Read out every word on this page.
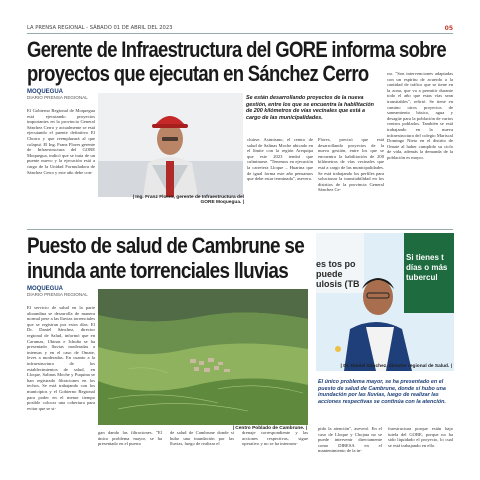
LA PRENSA REGIONAL - SÁBADO 01 DE ABRIL DEL 2023	05
Gerente de Infraestructura del GORE informa sobre
proyectos que ejecutan en Sánchez Cerro
MOQUEGUA
DIARIO PRENSA REGIONAL
El Gobierno Regional de Moquegua está ejecutando proyectos importantes en la provincia General Sánchez Cerro y actualmente se está ejecutando el puente definitivo El Chorro y que reemplazará al que colapsó. El Ing. Franz Flores gerente de Infraestructura del GORE Moquegua, indicó que se trata de un puente nuevo y la ejecución está a cargo de la Unidad Formuladora de Sánchez Cerro y este año debe con-
| Ing. Franz Flores, gerente de Infraestructura del GORE Moquegua. |
Se están desarrollando proyectos de la nueva gestión, entre los que se encuentra la habilitación de 200 kilómetros de vías vecinales que está a cargo de las municipalidades.
cluirse. Asimismo, el centro de salud de Salinas Moche ubicado en el límite con la región Arequipa que este 2023 tendrá que culminarse. "Tenemos en ejecución la carretera Lloque – Huarina que de igual forma este año pensamos que debe estar terminada", asevera.
Flores, precisó que está desarrollando proyectos de la nueva gestión, entre los que se encuentra la habilitación de 200 kilómetros de vías vecinales que está a cargo de las municipalidades. Se está trabajando los perfiles para solucionar la transitabilidad en los distritos de la provincia General Sánchez Ce-
rro. "Son intervenciones adaptadas con un espíritu de acuerdo a la cantidad de tráfico que se tiene en la zona, que va a permitir durante todo el año que estas vías sean transitables", refirió. Se tiene en camino otros proyectos de saneamiento básico, agua y desagüe para la población de varios centros poblados. También se está trabajando en la nueva infraestructura del colegio Mariscal Domingo Nieto en el distrito de Omate al haber cumplido su ciclo de vida, además la demanda de la población es mayor.
Puesto de salud de Cambrune se
inunda ante torrenciales lluvias
MOQUEGUA
DIARIO PRENSA REGIONAL
El servicio de salud en la parte altoandina se desarrolla de manera normal pese a las lluvias torrenciales que se registran por estos días. El Dr. Daniel Sánchez, director regional de Salud, informó que en Carumas, Ubinas e Ichuña se ha presentado lluvias moderadas a intensas y en el caso de Omate, leves a moderadas. En cuanto a la infraestructura de los establecimientos de salud, en Lloque, Salinas Moche y Puquina se han registrado filtraciones en los techos. Se está trabajando con los municipios y el Gobierno Regional para poder en el menor tiempo posible colocar una cobertura para evitar que se si-
| Centro Poblado de Cambrune. |
es tos po puede ulosis (TB
Si tienes t días o más tubercul
| Dr. Daniel Sánchez, director regional de Salud. |
El único problema mayor, se ha presentado en el puesto de salud de Cambrune, donde sí hubo una inundación por las lluvias, luego de realizar las acciones respectivas se continúa con la atención.
gan dando las filtraciones. "El único problema mayor, se ha presentado en el puesto
de salud de Cambrune donde si hubo una inundación por las lluvias, luego de realizar el
drenaje correspondiente y las acciones respectivas, sigue operativo y no se ha interrum-
pido la atención", aseveró. En el caso de Lloque y Chojata no se puede intervenir directamente como DIRESA en el mantenimiento de la in-
fraestructura porque están bajo tutela del GORE, porque no ha sido liquidado el proyecto, lo cual se está trabajando en ello.
